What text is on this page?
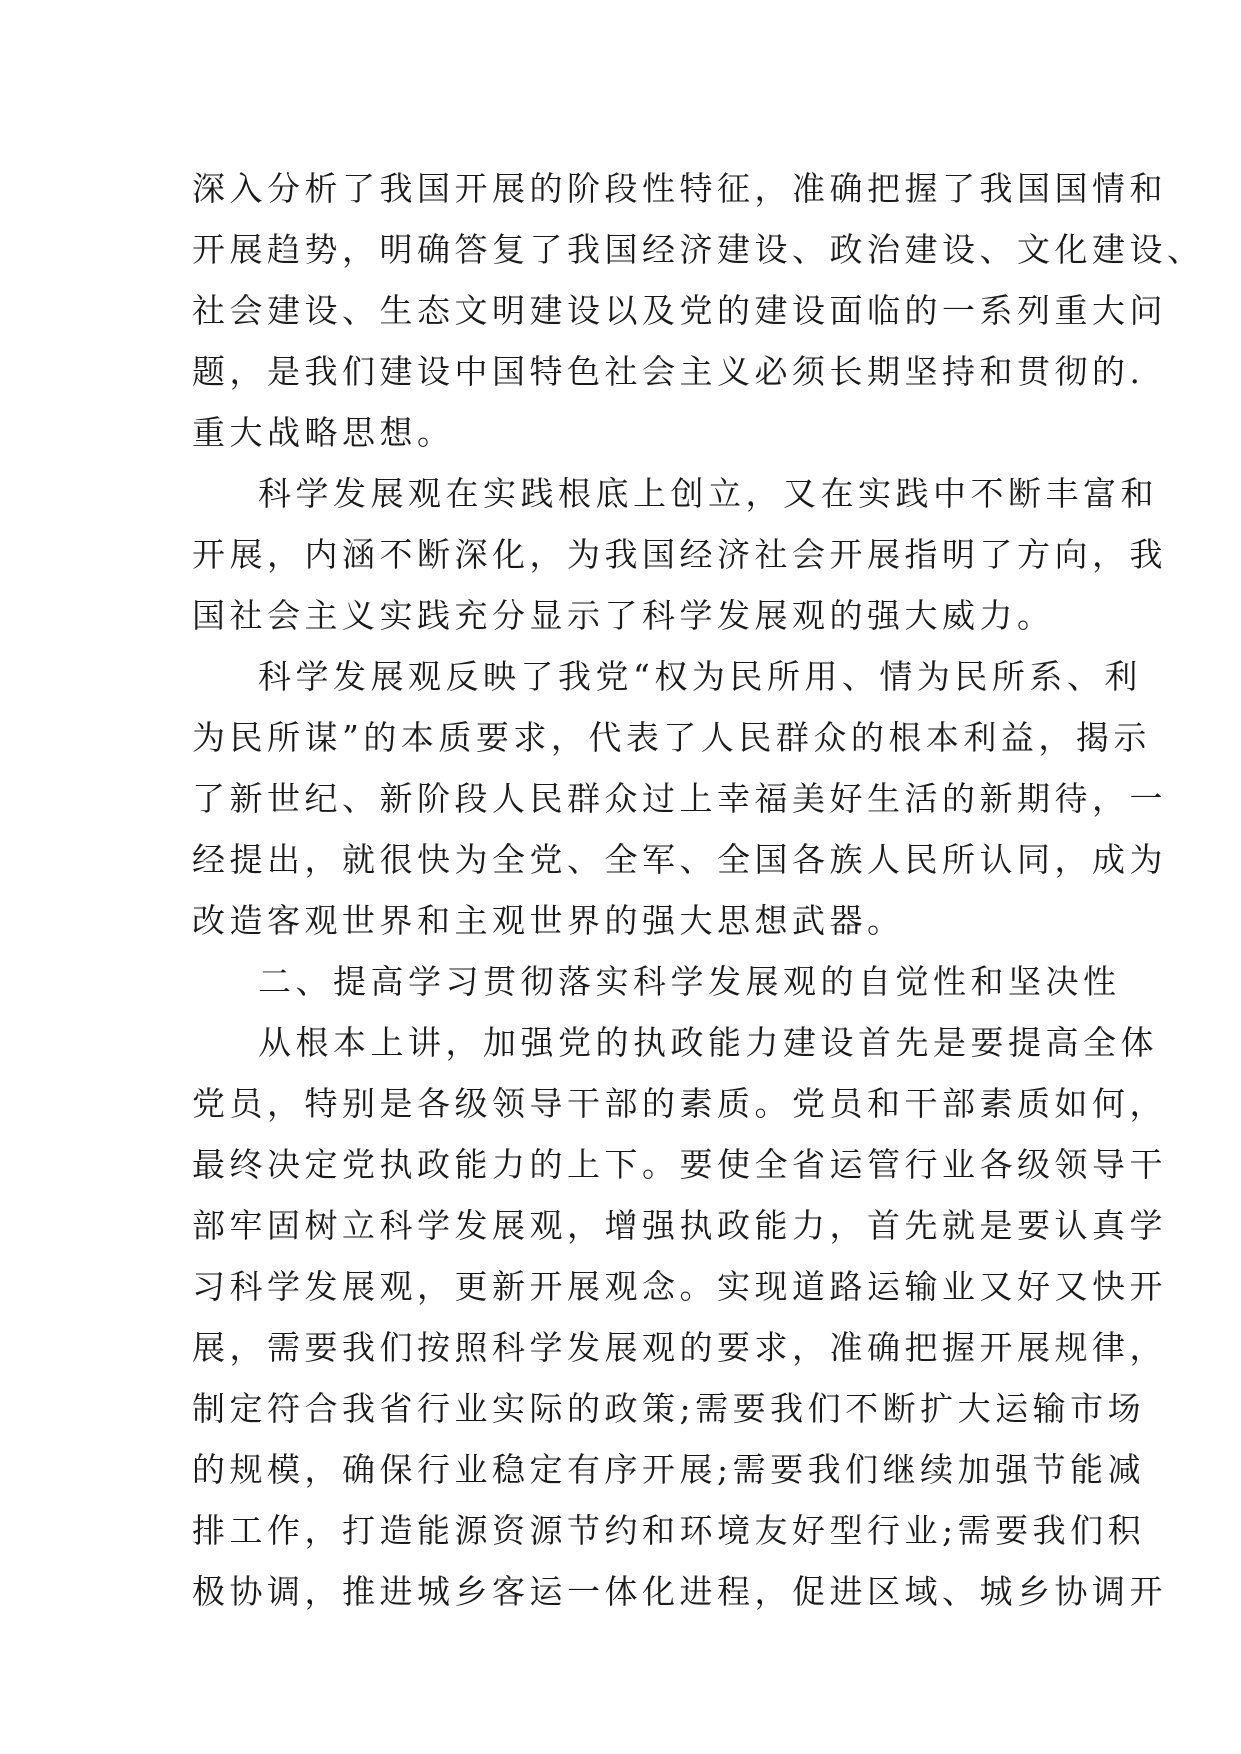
深入分析了我国开展的阶段性特征，准确把握了我国国情和
开展趋势，明确答复了我国经济建设、政治建设、文化建设、
社会建设、生态文明建设以及党的建设面临的一系列重大问
题，是我们建设中国特色社会主义必须长期坚持和贯彻的.
重大战略思想。
科学发展观在实践根底上创立，又在实践中不断丰富和
开展，内涵不断深化，为我国经济社会开展指明了方向，我
国社会主义实践充分显示了科学发展观的强大威力。
科学发展观反映了我党“权为民所用、情为民所系、利
为民所谋”的本质要求，代表了人民群众的根本利益，揭示
了新世纪、新阶段人民群众过上幸福美好生活的新期待，一
经提出，就很快为全党、全军、全国各族人民所认同，成为
改造客观世界和主观世界的强大思想武器。
二、提高学习贯彻落实科学发展观的自觉性和坚决性
从根本上讲，加强党的执政能力建设首先是要提高全体
党员，特别是各级领导干部的素质。党员和干部素质如何，
最终决定党执政能力的上下。要使全省运管行业各级领导干
部牢固树立科学发展观，增强执政能力，首先就是要认真学
习科学发展观，更新开展观念。实现道路运输业又好又快开
展，需要我们按照科学发展观的要求，准确把握开展规律，
制定符合我省行业实际的政策;需要我们不断扩大运输市场
的规模，确保行业稳定有序开展;需要我们继续加强节能减
排工作，打造能源资源节约和环境友好型行业;需要我们积
极协调，推进城乡客运一体化进程，促进区域、城乡协调开
